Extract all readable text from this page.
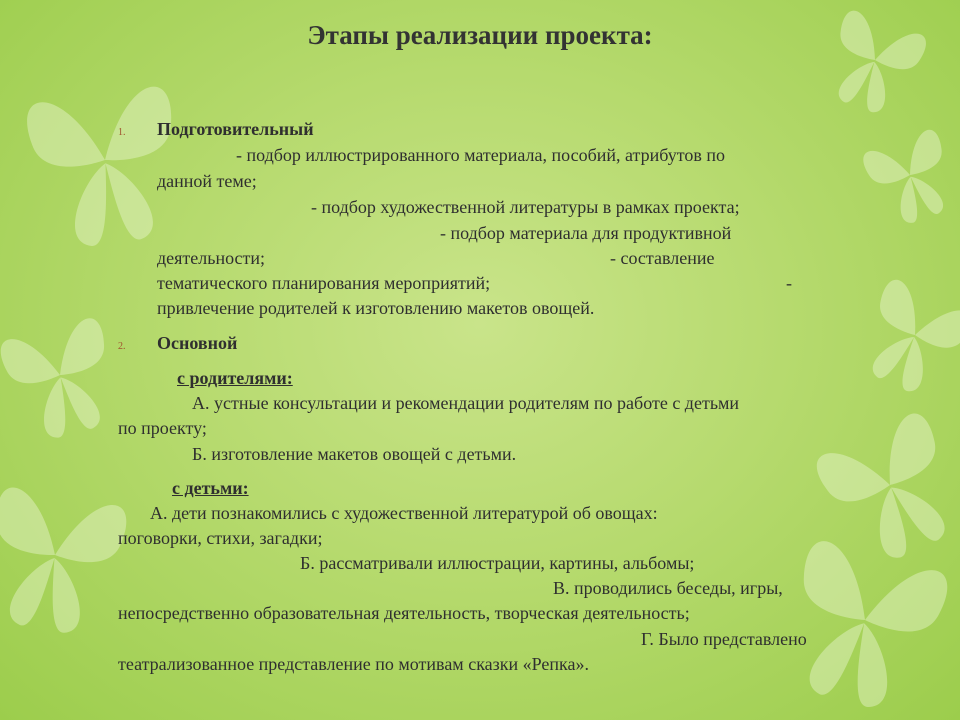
Этапы реализации проекта:
1. Подготовительный
- подбор иллюстрированного материала, пособий, атрибутов по
данной теме;
- подбор художественной литературы в рамках проекта;
- подбор материала для продуктивной
деятельности;	- составление
тематического планирования мероприятий;	-
привлечение родителей к изготовлению макетов овощей.
2. Основной
с родителями:
А. устные консультации и рекомендации родителям по работе с детьми
по проекту;
Б. изготовление макетов овощей с детьми.
с детьми:
А. дети познакомились с художественной литературой об овощах:
поговорки, стихи, загадки;
Б. рассматривали иллюстрации, картины, альбомы;
В. проводились беседы, игры,
непосредственно образовательная деятельность, творческая деятельность;
Г. Было представлено
театрализованное представление по мотивам сказки «Репка».
